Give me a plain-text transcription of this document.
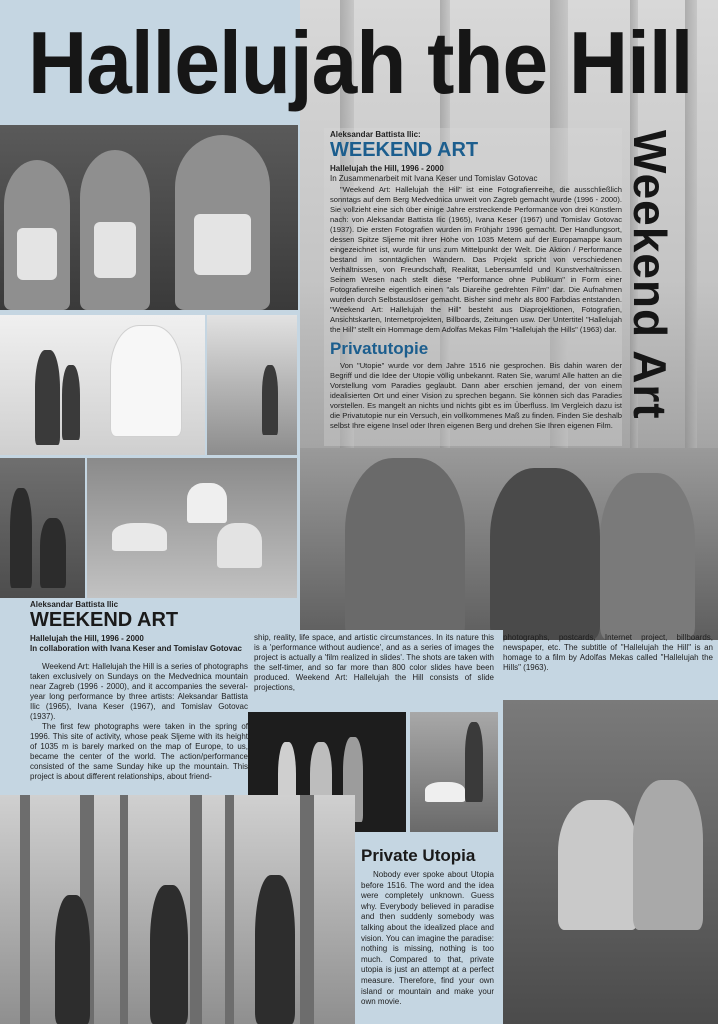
Hallelujah the Hill
Weekend Art

Aleksandar Battista Ilic:

WEEKEND ART

Hallelujah the Hill, 1996 - 2000

In Zusammenarbeit mit Ivana Keser und Tomislav Gotovac

"Weekend Art: Hallelujah the Hill" ist eine Fotografienreihe, die ausschließlich sonntags auf dem Berg Medvednica unweit von Zagreb gemacht wurde (1996 - 2000). Sie vollzieht eine sich über einige Jahre erstreckende Performance von drei Künstlern nach: von Aleksandar Battista Ilic (1965), Ivana Keser (1967) und Tomislav Gotovac (1937). Die ersten Fotografien wurden im Frühjahr 1996 gemacht. Der Handlungsort, dessen Spitze Sljeme mit ihrer Höhe von 1035 Metern auf der Europamappe kaum eingezeichnet ist, wurde für uns zum Mittelpunkt der Welt. Die Aktion / Performance bestand im sonntäglichen Wandern. Das Projekt spricht von verschiedenen Verhältnissen, von Freundschaft, Realität, Lebensumfeld und Kunstverhältnissen. Seinem Wesen nach stellt diese "Performance ohne Publikum" in Form einer Fotografienreihe eigentlich einen "als Diareihe gedrehten Film" dar. Die Aufnahmen wurden durch Selbstauslöser gemacht. Bisher sind mehr als 800 Farbdias entstanden. "Weekend Art: Hallelujah the Hill" besteht aus Diaprojektionen, Fotografien, Ansichtskarten, Internetprojekten, Billboards, Zeitungen usw. Der Untertitel "Hallelujah the Hill" stellt ein Hommage dem Adolfas Mekas Film "Hallelujah the Hills" (1963) dar.

Privatutopie

Von "Utopie" wurde vor dem Jahre 1516 nie gesprochen. Bis dahin waren der Begriff und die Idee der Utopie völlig unbekannt. Raten Sie, warum! Alle hatten an die Vorstellung vom Paradies geglaubt. Dann aber erschien jemand, der von einem idealisierten Ort und einer Vision zu sprechen begann. Sie können sich das Paradies vorstellen. Es mangelt an nichts und nichts gibt es im Überfluss. Im Vergleich dazu ist die Privatutopie nur ein Versuch, ein vollkommenes Maß zu finden. Finden Sie deshalb selbst Ihre eigene Insel oder Ihren eigenen Berg und drehen Sie Ihren eigenen Film.

Aleksandar Battista Ilic

WEEKEND ART

Hallelujah the Hill, 1996 - 2000

In collaboration with Ivana Keser and Tomislav Gotovac

Weekend Art: Hallelujah the Hill is a series of photographs taken exclusively on Sundays on the Medvednica mountain near Zagreb (1996 - 2000), and it accompanies the several-year long performance by three artists: Aleksandar Battista Ilic (1965), Ivana Keser (1967), and Tomislav Gotovac (1937).

The first few photographs were taken in the spring of 1996. This site of activity, whose peak Sljeme with its height of 1035 m is barely marked on the map of Europe, to us, became the center of the world. The action/performance consisted of the same Sunday hike up the mountain. This project is about different relationships, about friend-

ship, reality, life space, and artistic circumstances. In its nature this is a 'performance without audience', and as a series of images the project is actually a 'film realized in slides'. The shots are taken with the self-timer, and so far more than 800 color slides have been produced. Weekend Art: Hallelujah the Hill consists of slide projections,
photographs, postcards, Internet project, billboards, newspaper, etc. The subtitle of "Hallelujah the Hill" is an homage to a film by Adolfas Mekas called "Hallelujah the Hills" (1963).
Private Utopia

Nobody ever spoke about Utopia before 1516. The word and the idea were completely unknown. Guess why. Everybody believed in paradise and then suddenly somebody was talking about the idealized place and vision. You can imagine the paradise: nothing is missing, nothing is too much. Compared to that, private utopia is just an attempt at a perfect measure. Therefore, find your own island or mountain and make your own movie.
